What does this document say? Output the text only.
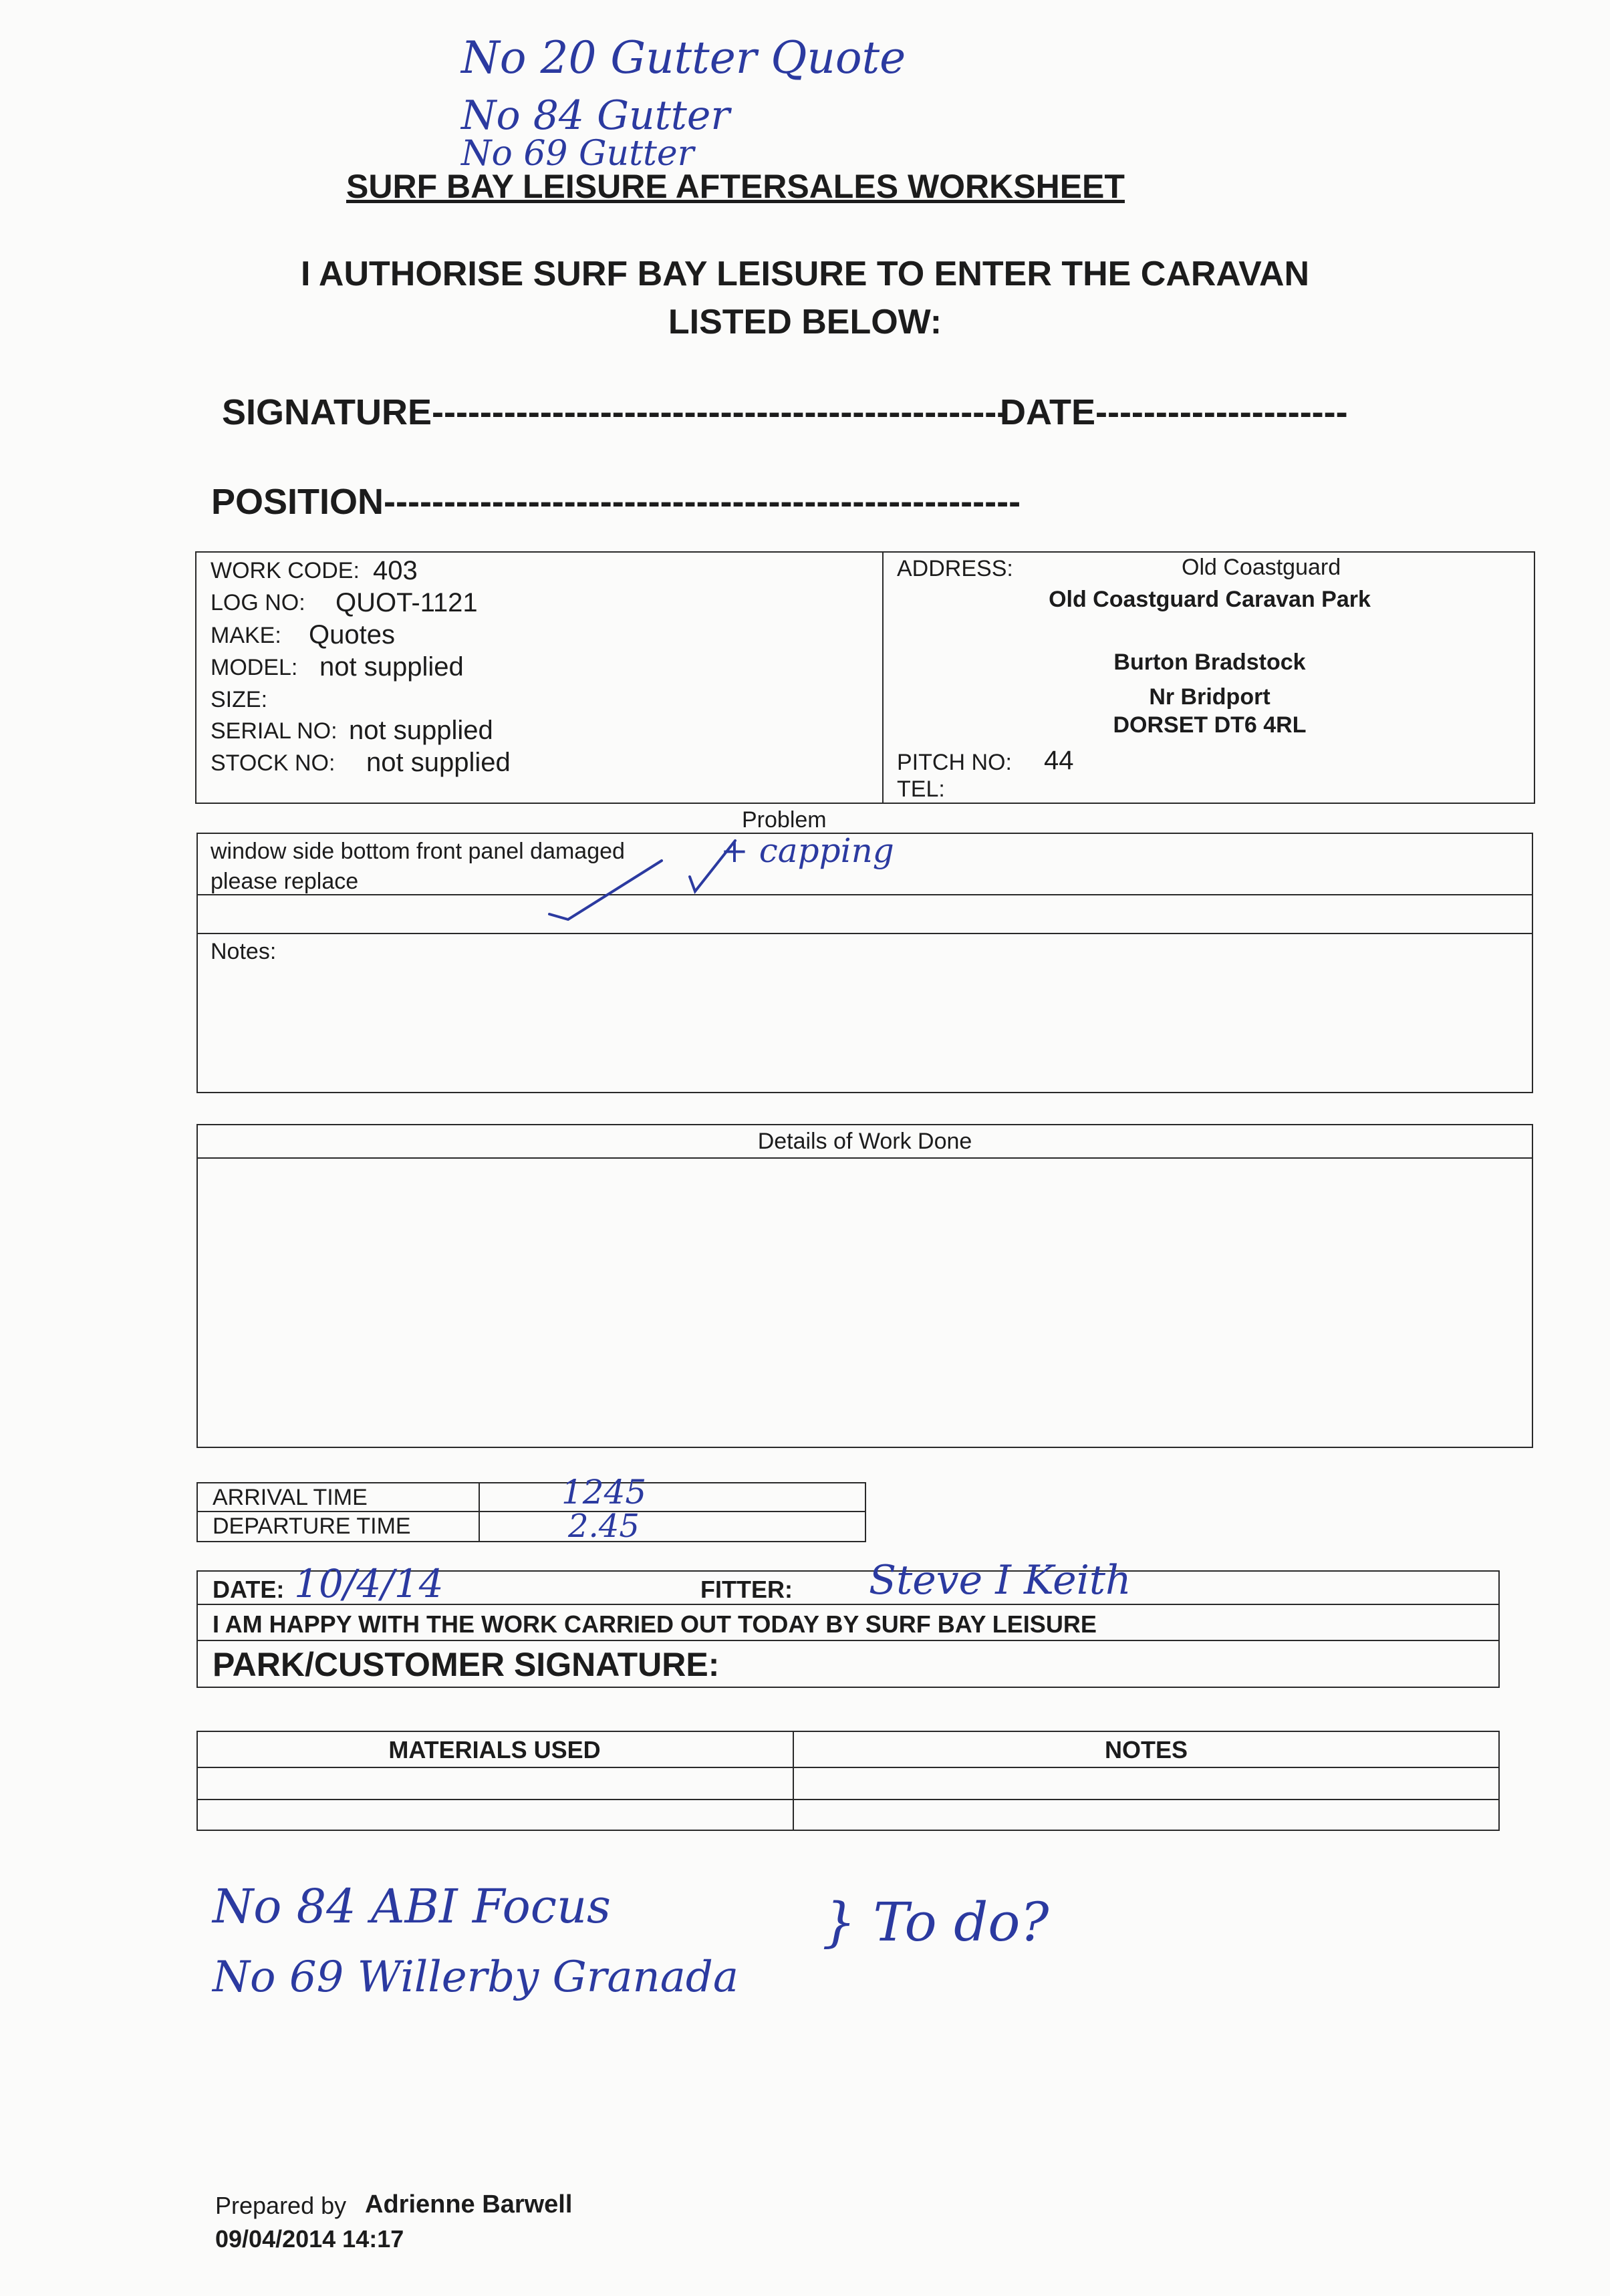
No 20 Gutter Quote
No 84 Gutter
No 69 Gutter
SURF BAY LEISURE AFTERSALES WORKSHEET
I AUTHORISE SURF BAY LEISURE TO ENTER THE CARAVAN
LISTED BELOW:
SIGNATURE------------------------------------------------
DATE---------------------
POSITION-----------------------------------------------------
WORK CODE: 403
LOG NO: QUOT-1121
MAKE: Quotes
MODEL: not supplied
SIZE:
SERIAL NO: not supplied
STOCK NO: not supplied
ADDRESS:	Old Coastguard
Old Coastguard Caravan Park
Burton Bradstock
Nr Bridport
DORSET DT6 4RL
PITCH NO: 44
TEL:
Problem
window side bottom front panel damaged
please replace
+ capping
Notes:
Details of Work Done
ARRIVAL TIME	1245
DEPARTURE TIME	2.45
DATE: 10/4/14	FITTER: Steve I Keith
I AM HAPPY WITH THE WORK CARRIED OUT TODAY BY SURF BAY LEISURE
PARK/CUSTOMER SIGNATURE:
MATERIALS USED	NOTES
No 84 ABI Focus
No 69 Willerby Granada
} To do?
Prepared by Adrienne Barwell
09/04/2014 14:17
